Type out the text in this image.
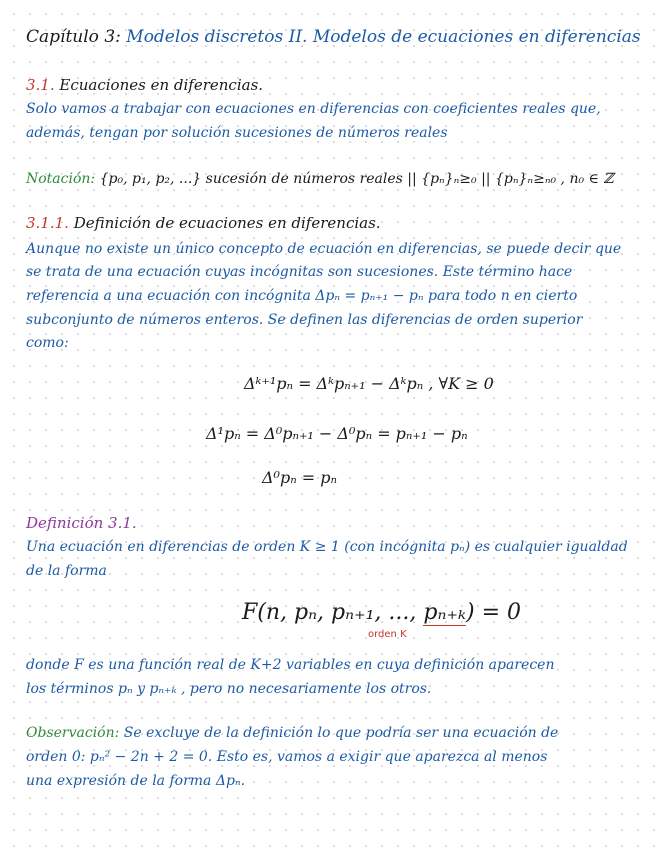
Capítulo 3: Modelos discretos II. Modelos de ecuaciones en diferencias
3.1. Ecuaciones en diferencias.
Solo vamos a trabajar con ecuaciones en diferencias con coeficientes reales que,
además, tengan por solución sucesiones de números reales
Notación: {p₀, p₁, p₂, ...} sucesión de números reales || {pₙ}ₙ≥₀ || {pₙ}ₙ≥ₙ₀ , n₀ ∈ ℤ
3.1.1. Definición de ecuaciones en diferencias.
Aunque no existe un único concepto de ecuación en diferencias, se puede decir que
se trata de una ecuación cuyas incógnitas son sucesiones. Este término hace
referencia a una ecuación con incógnita Δpₙ = pₙ₊₁ − pₙ para todo n en cierto
subconjunto de números enteros. Se definen las diferencias de orden superior
como:
Δᵏ⁺¹pₙ = Δᵏpₙ₊₁ − Δᵏpₙ , ∀K ≥ 0
Δ¹pₙ = Δ⁰pₙ₊₁ − Δ⁰pₙ = pₙ₊₁ − pₙ
Δ⁰pₙ = pₙ
Definición 3.1.
Una ecuación en diferencias de orden K ≥ 1 (con incógnita pₙ) es cualquier igualdad
de la forma
F(n, pₙ, pₙ₊₁, ..., pₙ₊ₖ) = 0
orden K
donde F es una función real de K+2 variables en cuya definición aparecen
los términos pₙ y pₙ₊ₖ , pero no necesariamente los otros.
Observación: Se excluye de la definición lo que podría ser una ecuación de
orden 0: pₙ² − 2n + 2 = 0. Esto es, vamos a exigir que aparezca al menos
una expresión de la forma Δpₙ.
